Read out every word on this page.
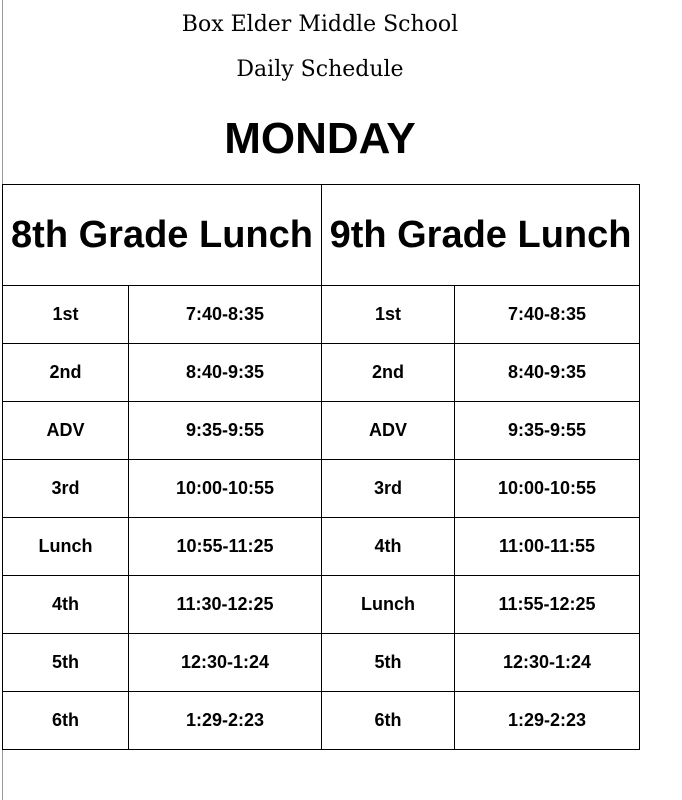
Box Elder Middle School
Daily Schedule
MONDAY
8th Grade Lunch		9th Grade Lunch	
1st	7:40-8:35	1st	7:40-8:35
2nd	8:40-9:35	2nd	8:40-9:35
ADV	9:35-9:55	ADV	9:35-9:55
3rd	10:00-10:55	3rd	10:00-10:55
Lunch	10:55-11:25	4th	11:00-11:55
4th	11:30-12:25	Lunch	11:55-12:25
5th	12:30-1:24	5th	12:30-1:24
6th	1:29-2:23	6th	1:29-2:23
